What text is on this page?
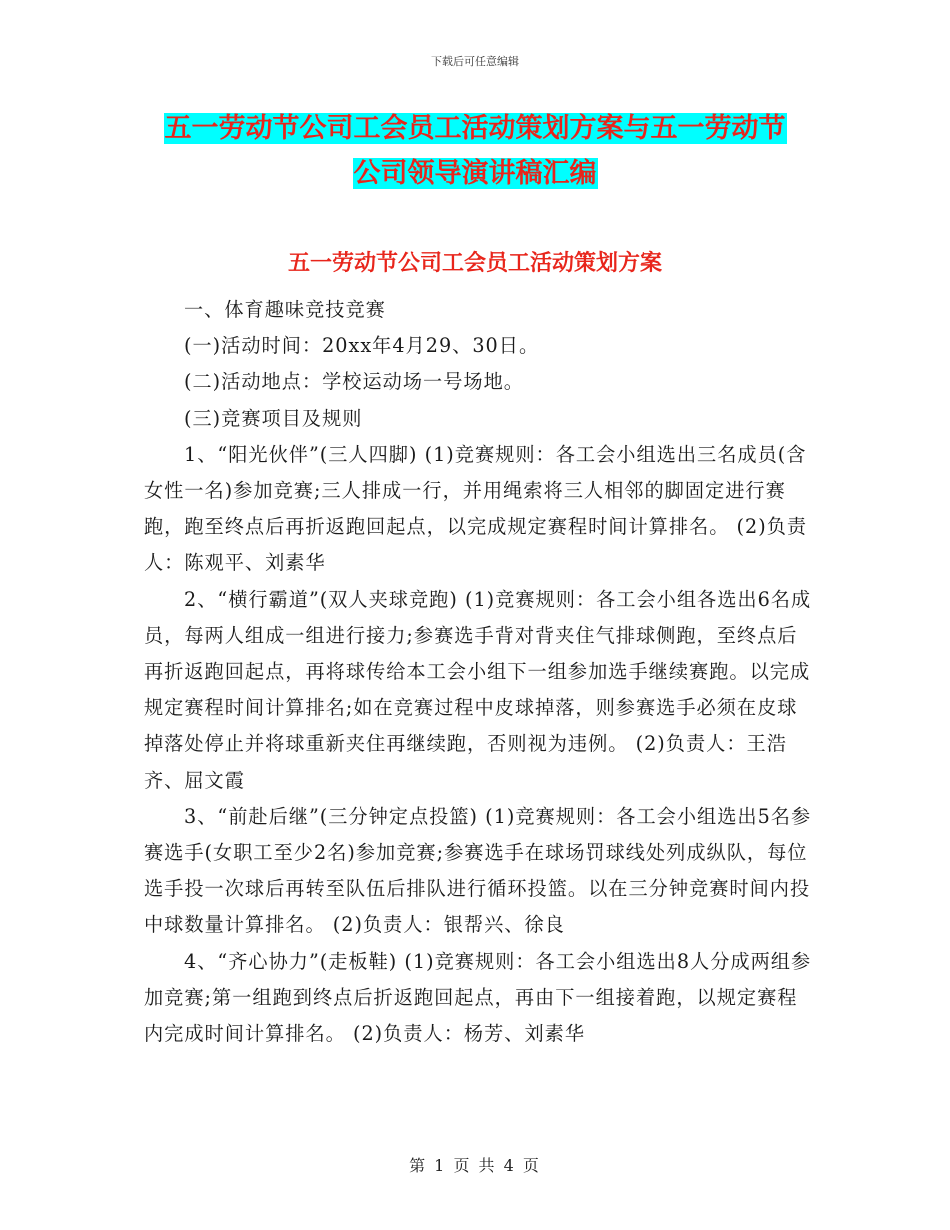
下载后可任意编辑
五一劳动节公司工会员工活动策划方案与五一劳动节
公司领导演讲稿汇编
五一劳动节公司工会员工活动策划方案

一、体育趣味竞技竞赛

(一)活动时间：20xx年4月29、30日。

(二)活动地点：学校运动场一号场地。

(三)竞赛项目及规则

1、“阳光伙伴”(三人四脚) (1)竞赛规则：各工会小组选出三名成员(含女性一名)参加竞赛;三人排成一行，并用绳索将三人相邻的脚固定进行赛跑，跑至终点后再折返跑回起点，以完成规定赛程时间计算排名。 (2)负责人：陈观平、刘素华

2、“横行霸道”(双人夹球竞跑) (1)竞赛规则：各工会小组各选出6名成员，每两人组成一组进行接力;参赛选手背对背夹住气排球侧跑，至终点后再折返跑回起点，再将球传给本工会小组下一组参加选手继续赛跑。以完成规定赛程时间计算排名;如在竞赛过程中皮球掉落，则参赛选手必须在皮球掉落处停止并将球重新夹住再继续跑，否则视为违例。 (2)负责人：王浩齐、屈文霞

3、“前赴后继”(三分钟定点投篮) (1)竞赛规则：各工会小组选出5名参赛选手(女职工至少2名)参加竞赛;参赛选手在球场罚球线处列成纵队，每位选手投一次球后再转至队伍后排队进行循环投篮。以在三分钟竞赛时间内投中球数量计算排名。 (2)负责人：银帮兴、徐良

4、“齐心协力”(走板鞋) (1)竞赛规则：各工会小组选出8人分成两组参加竞赛;第一组跑到终点后折返跑回起点，再由下一组接着跑，以规定赛程内完成时间计算排名。 (2)负责人：杨芳、刘素华

第 1 页 共 4 页
